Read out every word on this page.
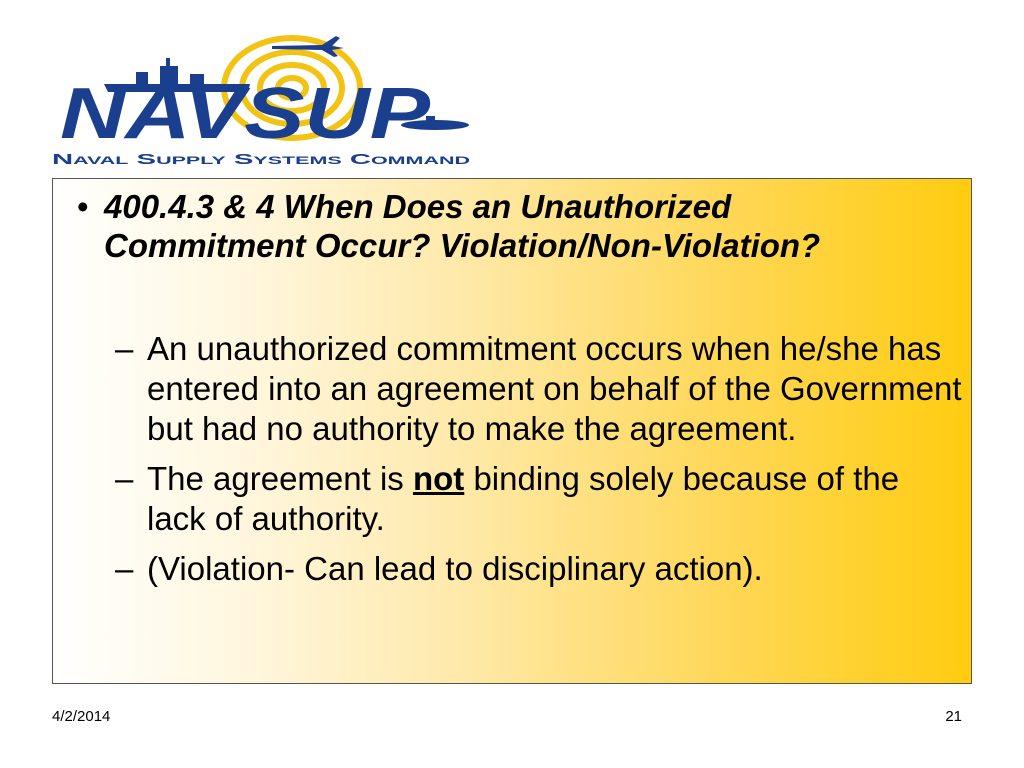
NAVSUP
Naval Supply Systems Command
• 400.4.3 & 4 When Does an Unauthorized Commitment Occur? Violation/Non-Violation?
– An unauthorized commitment occurs when he/she has entered into an agreement on behalf of the Government but had no authority to make the agreement.
– The agreement is not binding solely because of the lack of authority.
– (Violation- Can lead to disciplinary action).
4/2/2014	21
